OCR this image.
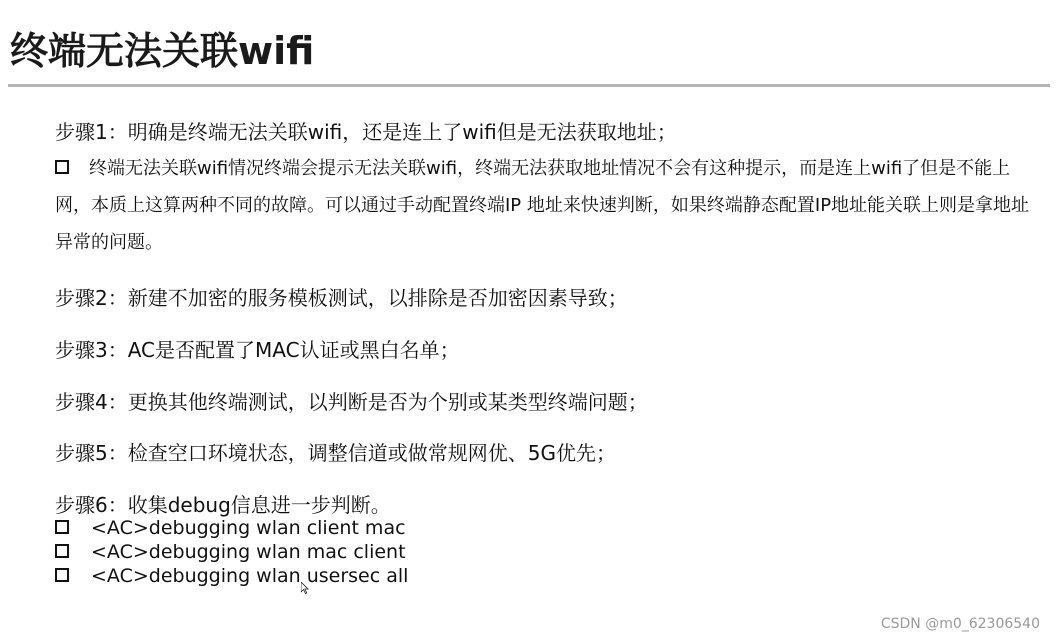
终端无法关联wifi
步骤1：明确是终端无法关联wifi，还是连上了wifi但是无法获取地址；
终端无法关联wifi情况终端会提示无法关联wifi，终端无法获取地址情况不会有这种提示，而是连上wifi了但是不能上网，本质上这算两种不同的故障。可以通过手动配置终端IP 地址来快速判断，如果终端静态配置IP地址能关联上则是拿地址异常的问题。
步骤2：新建不加密的服务模板测试，以排除是否加密因素导致；
步骤3：AC是否配置了MAC认证或黑白名单；
步骤4：更换其他终端测试，以判断是否为个别或某类型终端问题；
步骤5：检查空口环境状态，调整信道或做常规网优、5G优先；
步骤6：收集debug信息进一步判断。
<AC>debugging wlan client mac
<AC>debugging wlan mac client
<AC>debugging wlan usersec all
CSDN @m0_62306540
